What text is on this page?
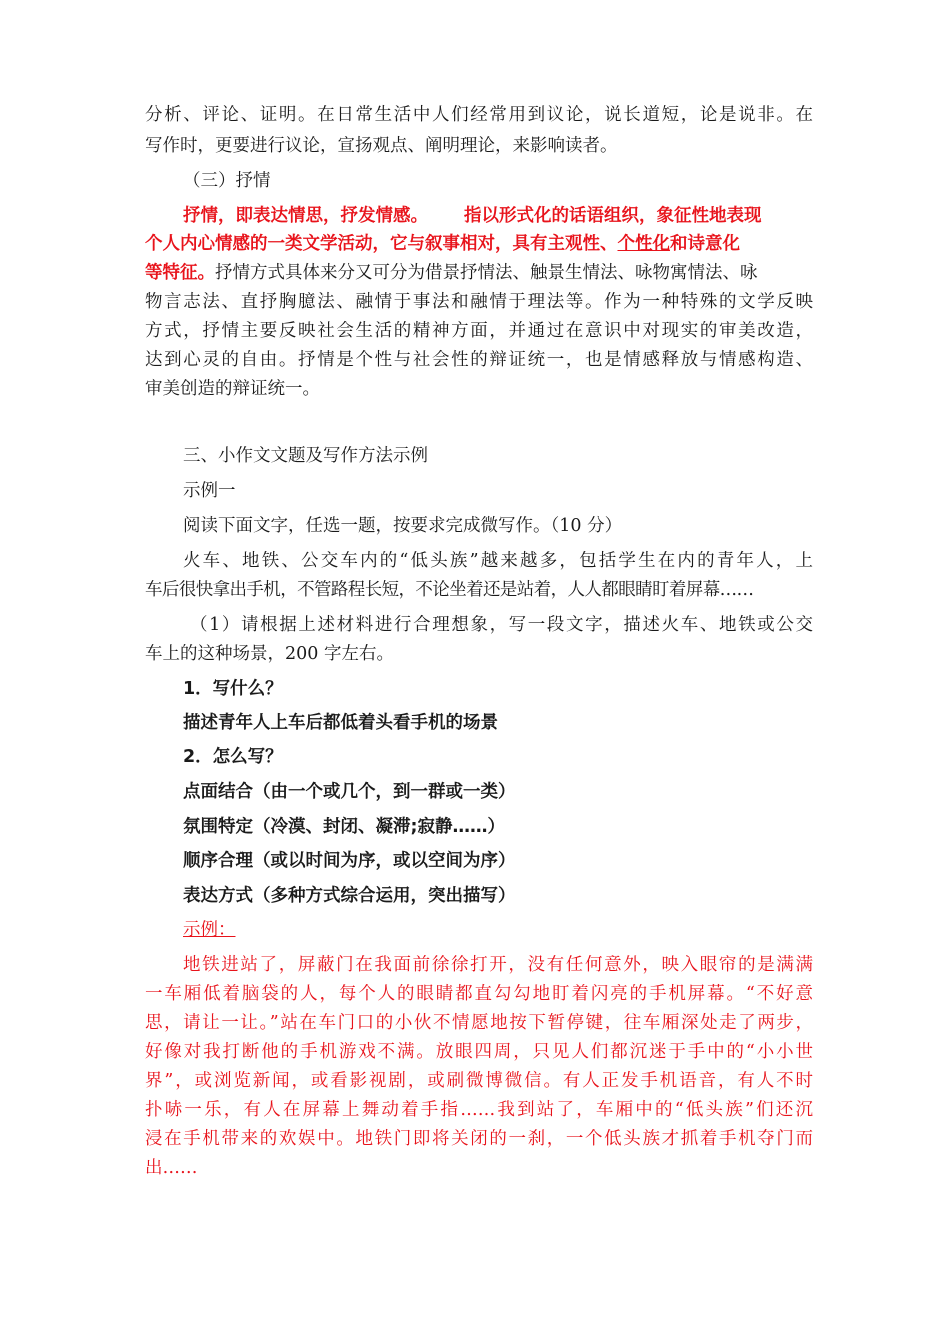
分析、评论、证明。在日常生活中人们经常用到议论，说长道短，论是说非。在
写作时，更要进行议论，宣扬观点、阐明理论，来影响读者。
（三）抒情
抒情，即表达情思，抒发情感。 指以形式化的话语组织，象征性地表现
个人内心情感的一类文学活动，它与叙事相对，具有主观性、个性化和诗意化
等特征。抒情方式具体来分又可分为借景抒情法、触景生情法、咏物寓情法、咏
物言志法、直抒胸臆法、融情于事法和融情于理法等。作为一种特殊的文学反映
方式，抒情主要反映社会生活的精神方面，并通过在意识中对现实的审美改造，
达到心灵的自由。抒情是个性与社会性的辩证统一，也是情感释放与情感构造、
审美创造的辩证统一。
三、小作文文题及写作方法示例
示例一
阅读下面文字，任选一题，按要求完成微写作。（10 分）
火车、地铁、公交车内的“低头族”越来越多，包括学生在内的青年人，上
车后很快拿出手机，不管路程长短，不论坐着还是站着，人人都眼睛盯着屏幕……
（1）请根据上述材料进行合理想象，写一段文字，描述火车、地铁或公交
车上的这种场景，200 字左右。
1．写什么？
描述青年人上车后都低着头看手机的场景
2．怎么写？
点面结合（由一个或几个，到一群或一类）
氛围特定（冷漠、封闭、凝滞;寂静……）
顺序合理（或以时间为序，或以空间为序）
表达方式（多种方式综合运用，突出描写）
示例：
地铁进站了，屏蔽门在我面前徐徐打开，没有任何意外，映入眼帘的是满满
一车厢低着脑袋的人，每个人的眼睛都直勾勾地盯着闪亮的手机屏幕。“不好意
思，请让一让。”站在车门口的小伙不情愿地按下暂停键，往车厢深处走了两步，
好像对我打断他的手机游戏不满。放眼四周，只见人们都沉迷于手中的“小小世
界”，或浏览新闻，或看影视剧，或刷微博微信。有人正发手机语音，有人不时
扑哧一乐，有人在屏幕上舞动着手指……我到站了，车厢中的“低头族”们还沉
浸在手机带来的欢娱中。地铁门即将关闭的一刹，一个低头族才抓着手机夺门而
出……
